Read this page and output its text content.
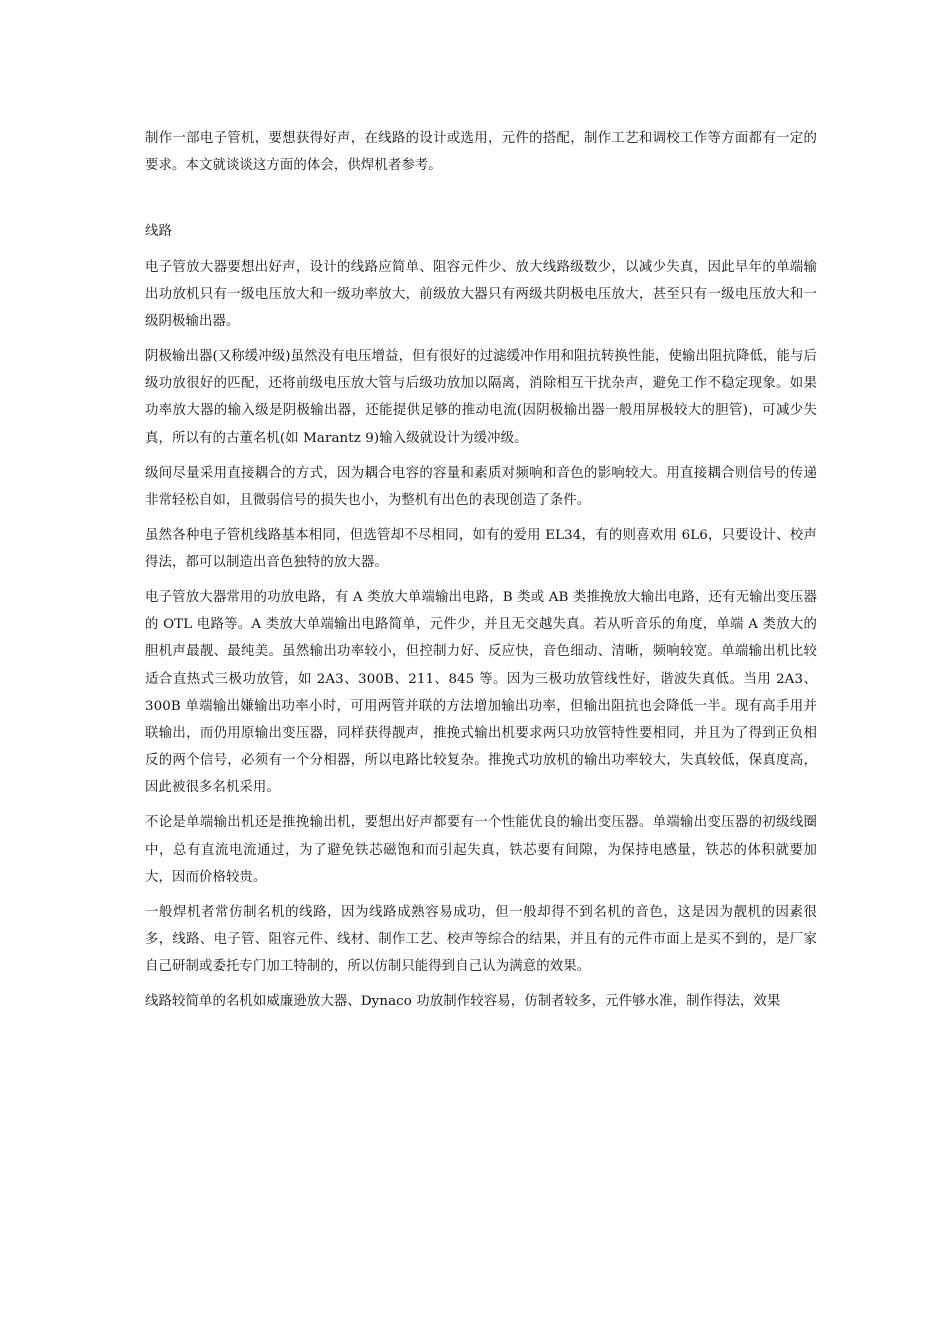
制作一部电子管机，要想获得好声，在线路的设计或选用，元件的搭配，制作工艺和调校工作等方面都有一定的要求。本文就谈谈这方面的体会，供焊机者参考。

线路

电子管放大器要想出好声，设计的线路应简单、阻容元件少、放大线路级数少，以减少失真，因此早年的单端输出功放机只有一级电压放大和一级功率放大，前级放大器只有两级共阴极电压放大，甚至只有一级电压放大和一级阴极输出器。

阴极输出器(又称缓冲级)虽然没有电压增益，但有很好的过滤缓冲作用和阻抗转换性能，使输出阻抗降低，能与后级功放很好的匹配，还将前级电压放大管与后级功放加以隔离，消除相互干扰杂声，避免工作不稳定现象。如果功率放大器的输入级是阴极输出器，还能提供足够的推动电流(因阴极输出器一般用屏极较大的胆管)，可减少失真，所以有的古董名机(如 Marantz 9)输入级就设计为缓冲级。

级间尽量采用直接耦合的方式，因为耦合电容的容量和素质对频响和音色的影响较大。用直接耦合则信号的传递非常轻松自如，且微弱信号的损失也小，为整机有出色的表现创造了条件。

虽然各种电子管机线路基本相同，但选管却不尽相同，如有的爱用 EL34，有的则喜欢用 6L6，只要设计、校声得法，都可以制造出音色独特的放大器。

电子管放大器常用的功放电路，有 A 类放大单端输出电路，B 类或 AB 类推挽放大输出电路，还有无输出变压器的 OTL 电路等。A 类放大单端输出电路简单，元件少，并且无交越失真。若从听音乐的角度，单端 A 类放大的胆机声最靓、最纯美。虽然输出功率较小，但控制力好、反应快，音色细动、清晰，频响较宽。单端输出机比较适合直热式三极功放管，如 2A3、300B、211、845 等。因为三极功放管线性好，谐波失真低。当用 2A3、300B 单端输出嫌输出功率小时，可用两管并联的方法增加输出功率，但输出阻抗也会降低一半。现有高手用并联输出，而仍用原输出变压器，同样获得靓声，推挽式输出机要求两只功放管特性要相同，并且为了得到正负相反的两个信号，必须有一个分相器，所以电路比较复杂。推挽式功放机的输出功率较大，失真较低，保真度高，因此被很多名机采用。

不论是单端输出机还是推挽输出机，要想出好声都要有一个性能优良的输出变压器。单端输出变压器的初级线圈中，总有直流电流通过，为了避免铁芯磁饱和而引起失真，铁芯要有间隙，为保持电感量，铁芯的体积就要加大，因而价格较贵。

一般焊机者常仿制名机的线路，因为线路成熟容易成功，但一般却得不到名机的音色，这是因为靓机的因素很多，线路、电子管、阻容元件、线材、制作工艺、校声等综合的结果，并且有的元件市面上是买不到的，是厂家自己研制或委托专门加工特制的，所以仿制只能得到自己认为满意的效果。

线路较简单的名机如威廉逊放大器、Dynaco 功放制作较容易，仿制者较多，元件够水准，制作得法，效果
